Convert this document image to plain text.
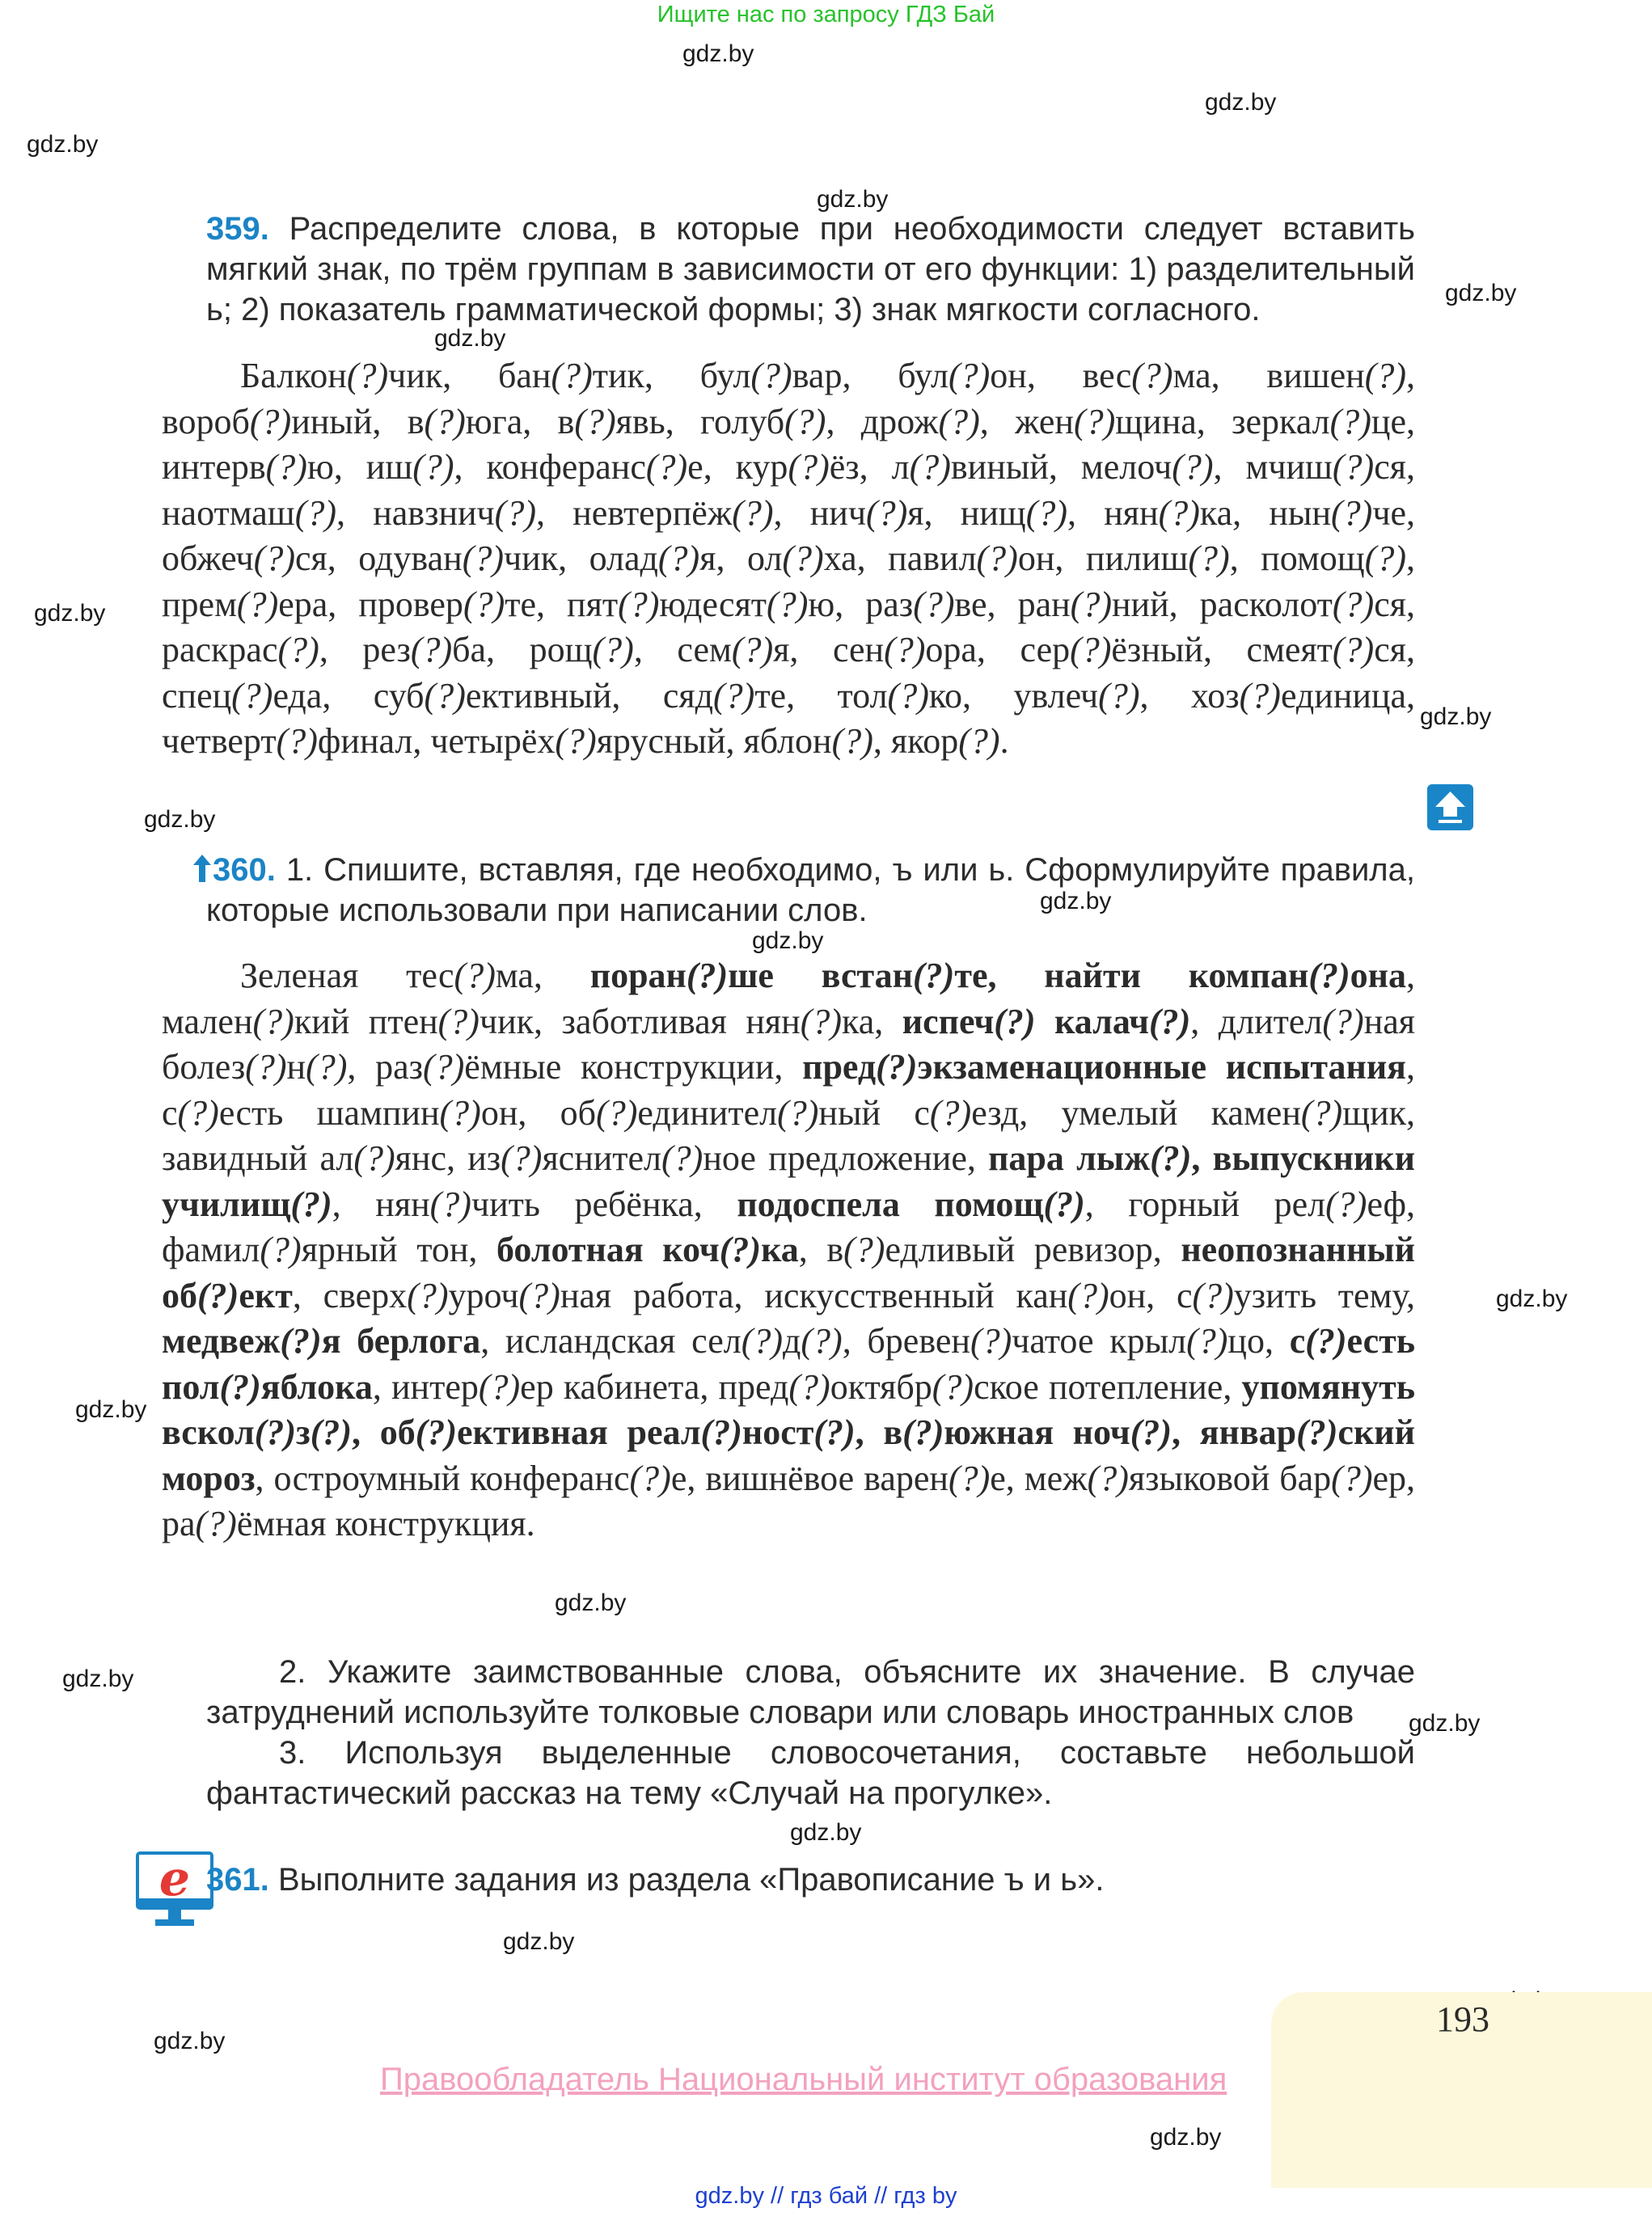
Ищите нас по запросу ГДЗ Бай
gdz.by
gdz.by
gdz.by
gdz.by
gdz.by
gdz.by
gdz.by
gdz.by
gdz.by
gdz.by
gdz.by
gdz.by
gdz.by
gdz.by
gdz.by
gdz.by
gdz.by
gdz.by
gdz.by
gdz.by
359. Распределите слова, в которые при необходимости следует вставить мягкий знак, по трём группам в зависимости от его функции: 1) разделительный ь; 2) показатель грамматической формы; 3) знак мягкости согласного.

Балкон(?)чик, бан(?)тик, бул(?)вар, бул(?)он, вес(?)ма, вишен(?), вороб(?)иный, в(?)юга, в(?)явь, голуб(?), дрож(?), жен(?)щина, зеркал(?)це, интерв(?)ю, иш(?), конферанс(?)е, кур(?)ёз, л(?)виный, мелоч(?), мчиш(?)ся, наотмаш(?), навзнич(?), невтерпёж(?), нич(?)я, нищ(?), нян(?)ка, нын(?)че, обжеч(?)ся, одуван(?)чик, олад(?)я, ол(?)ха, павил(?)он, пилиш(?), помощ(?), прем(?)ера, провер(?)те, пят(?)юдесят(?)ю, раз(?)ве, ран(?)ний, расколот(?)ся, раскрас(?), рез(?)ба, рощ(?), сем(?)я, сен(?)ора, сер(?)ёзный, смеят(?)ся, спец(?)еда, суб(?)ективный, сяд(?)те, тол(?)ко, увлеч(?), хоз(?)единица, четверт(?)финал, четырёх(?)ярусный, яблон(?), якор(?).

360. 1. Спишите, вставляя, где необходимо, ъ или ь. Сформулируйте правила, которые использовали при написании слов.

Зеленая тес(?)ма, поран(?)ше встан(?)те, найти компан(?)она, мален(?)кий птен(?)чик, заботливая нян(?)ка, испеч(?) калач(?), длител(?)ная болез(?)н(?), раз(?)ёмные конструкции, пред(?)экзаменационные испытания, с(?)есть шампин(?)он, об(?)единител(?)ный с(?)езд, умелый камен(?)щик, завидный ал(?)янс, из(?)яснител(?)ное предложение, пара лыж(?), выпускники училищ(?), нян(?)чить ребёнка, подоспела помощ(?), горный рел(?)еф, фамил(?)ярный тон, болотная коч(?)ка, в(?)едливый ревизор, неопознанный об(?)ект, сверх(?)уроч(?)ная работа, искусственный кан(?)он, с(?)узить тему, медвеж(?)я берлога, исландская сел(?)д(?), бревен(?)чатое крыл(?)цо, с(?)есть пол(?)яблока, интер(?)ер кабинета, пред(?)октябр(?)ское потепление, упомянуть вскол(?)з(?), об(?)ективная реал(?)ност(?), в(?)южная ноч(?), январ(?)ский мороз, остроумный конферанс(?)е, вишнёвое варен(?)е, меж(?)языковой бар(?)ер, ра(?)ёмная конструкция.

2. Укажите заимствованные слова, объясните их значение. В случае затруднений используйте толковые словари или словарь иностранных слов

3. Используя выделенные словосочетания, составьте небольшой фантастический рассказ на тему «Случай на прогулке».

e 361. Выполните задания из раздела «Правописание ъ и ь».
193
Правообладатель Национальный институт образования
gdz.by // гдз бай // гдз by
